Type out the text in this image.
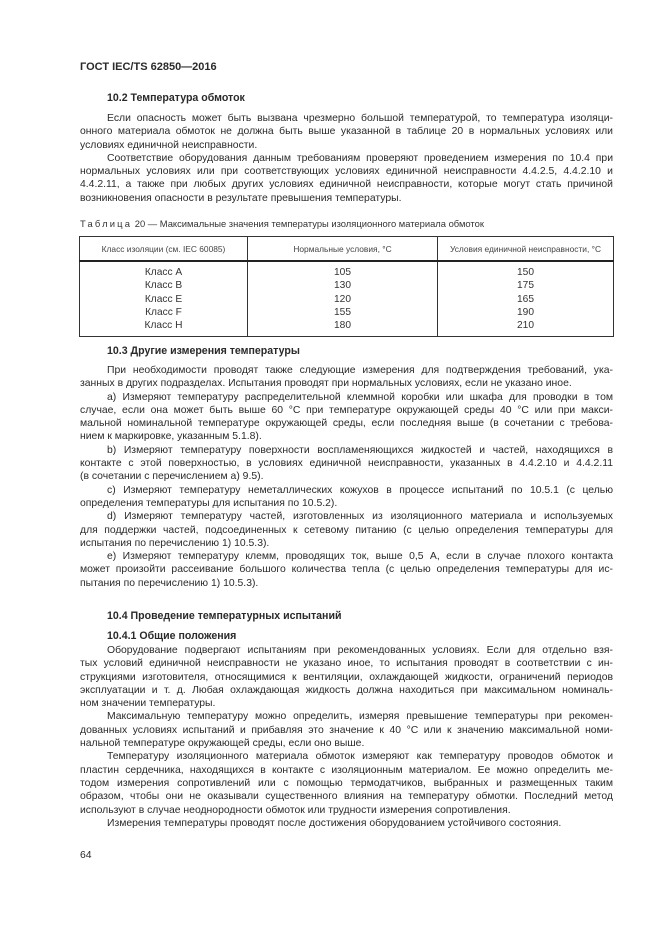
ГОСТ IEC/TS 62850—2016
10.2 Температура обмоток
Если опасность может быть вызвана чрезмерно большой температурой, то температура изоляци-
онного материала обмоток не должна быть выше указанной в таблице 20 в нормальных условиях или
условиях единичной неисправности.
Соответствие оборудования данным требованиям проверяют проведением измерения по 10.4 при
нормальных условиях или при соответствующих условиях единичной неисправности 4.4.2.5, 4.4.2.10 и
4.4.2.11, а также при любых других условиях единичной неисправности, которые могут стать причиной
возникновения опасности в результате превышения температуры.
Таблица 20 — Максимальные значения температуры изоляционного материала обмоток
Класс изоляции (см. IEC 60085)	Нормальные условия, °С	Условия единичной неисправности, °С
Класс А	105	150
Класс В	130	175
Класс Е	120	165
Класс F	155	190
Класс Н	180	210
10.3 Другие измерения температуры
При необходимости проводят также следующие измерения для подтверждения требований, ука-
занных в других подразделах. Испытания проводят при нормальных условиях, если не указано иное.
a) Измеряют температуру распределительной клеммной коробки или шкафа для проводки в том
случае, если она может быть выше 60 °С при температуре окружающей среды 40 °С или при макси-
мальной номинальной температуре окружающей среды, если последняя выше (в сочетании с требова-
нием к маркировке, указанным 5.1.8).
b) Измеряют температуру поверхности воспламеняющихся жидкостей и частей, находящихся в
контакте с этой поверхностью, в условиях единичной неисправности, указанных в 4.4.2.10 и 4.4.2.11
(в сочетании с перечислением а) 9.5).
c) Измеряют температуру неметаллических кожухов в процессе испытаний по 10.5.1 (с целью
определения температуры для испытания по 10.5.2).
d) Измеряют температуру частей, изготовленных из изоляционного материала и используемых
для поддержки частей, подсоединенных к сетевому питанию (с целью определения температуры для
испытания по перечислению 1) 10.5.3).
e) Измеряют температуру клемм, проводящих ток, выше 0,5 А, если в случае плохого контакта
может произойти рассеивание большого количества тепла (с целью определения температуры для ис-
пытания по перечислению 1) 10.5.3).
10.4 Проведение температурных испытаний
10.4.1 Общие положения
Оборудование подвергают испытаниям при рекомендованных условиях. Если для отдельно взя-
тых условий единичной неисправности не указано иное, то испытания проводят в соответствии с ин-
струкциями изготовителя, относящимися к вентиляции, охлаждающей жидкости, ограничений периодов
эксплуатации и т. д. Любая охлаждающая жидкость должна находиться при максимальном номиналь-
ном значении температуры.
Максимальную температуру можно определить, измеряя превышение температуры при рекомен-
дованных условиях испытаний и прибавляя это значение к 40 °С или к значению максимальной номи-
нальной температуре окружающей среды, если оно выше.
Температуру изоляционного материала обмоток измеряют как температуру проводов обмоток и
пластин сердечника, находящихся в контакте с изоляционным материалом. Ее можно определить ме-
тодом измерения сопротивлений или с помощью термодатчиков, выбранных и размещенных таким
образом, чтобы они не оказывали существенного влияния на температуру обмотки. Последний метод
используют в случае неоднородности обмоток или трудности измерения сопротивления.
Измерения температуры проводят после достижения оборудованием устойчивого состояния.
64
